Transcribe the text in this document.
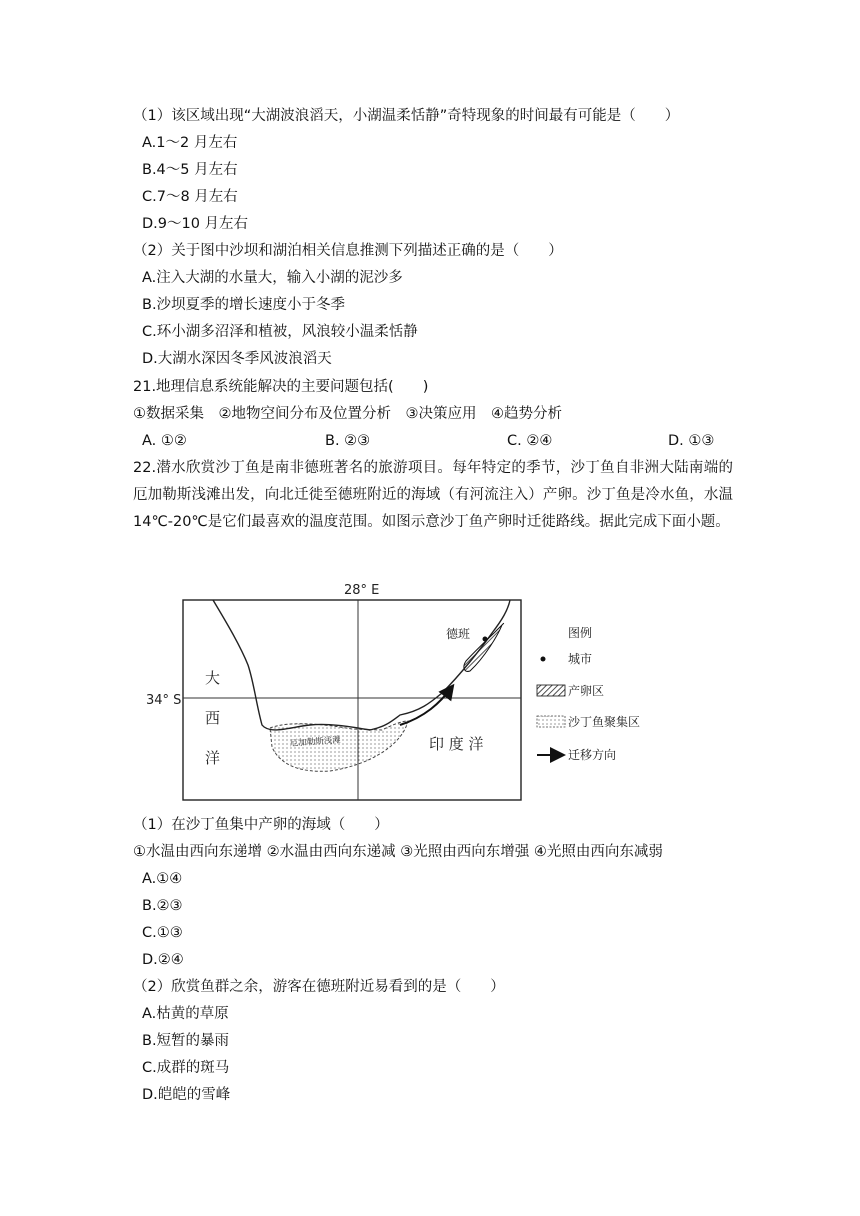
（1）该区域出现“大湖波浪滔天，小湖温柔恬静”奇特现象的时间最有可能是（　　）
A.1～2 月左右
B.4～5 月左右
C.7～8 月左右
D.9～10 月左右
（2）关于图中沙坝和湖泊相关信息推测下列描述正确的是（　　）
A.注入大湖的水量大，输入小湖的泥沙多
B.沙坝夏季的增长速度小于冬季
C.环小湖多沼泽和植被，风浪较小温柔恬静
D.大湖水深因冬季风波浪滔天
21.地理信息系统能解决的主要问题包括(　　)
①数据采集　②地物空间分布及位置分析　③决策应用　④趋势分析
A. ①②	B. ②③	C. ②④	D. ①③
22.潜水欣赏沙丁鱼是南非德班著名的旅游项目。每年特定的季节，沙丁鱼自非洲大陆南端的厄加勒斯浅滩出发，向北迁徙至德班附近的海域（有河流注入）产卵。沙丁鱼是冷水鱼，水温 14℃-20℃是它们最喜欢的温度范围。如图示意沙丁鱼产卵时迁徙路线。据此完成下面小题。
28° E
34° S
厄加勒斯浅滩
德班
大
西
洋
印 度 洋
图例
城市
产卵区
沙丁鱼聚集区
迁移方向
（1）在沙丁鱼集中产卵的海域（　　）
①水温由西向东递增 ②水温由西向东递减 ③光照由西向东增强 ④光照由西向东减弱
A.①④
B.②③
C.①③
D.②④
（2）欣赏鱼群之余，游客在德班附近易看到的是（　　）
A.枯黄的草原
B.短暂的暴雨
C.成群的斑马
D.皑皑的雪峰
